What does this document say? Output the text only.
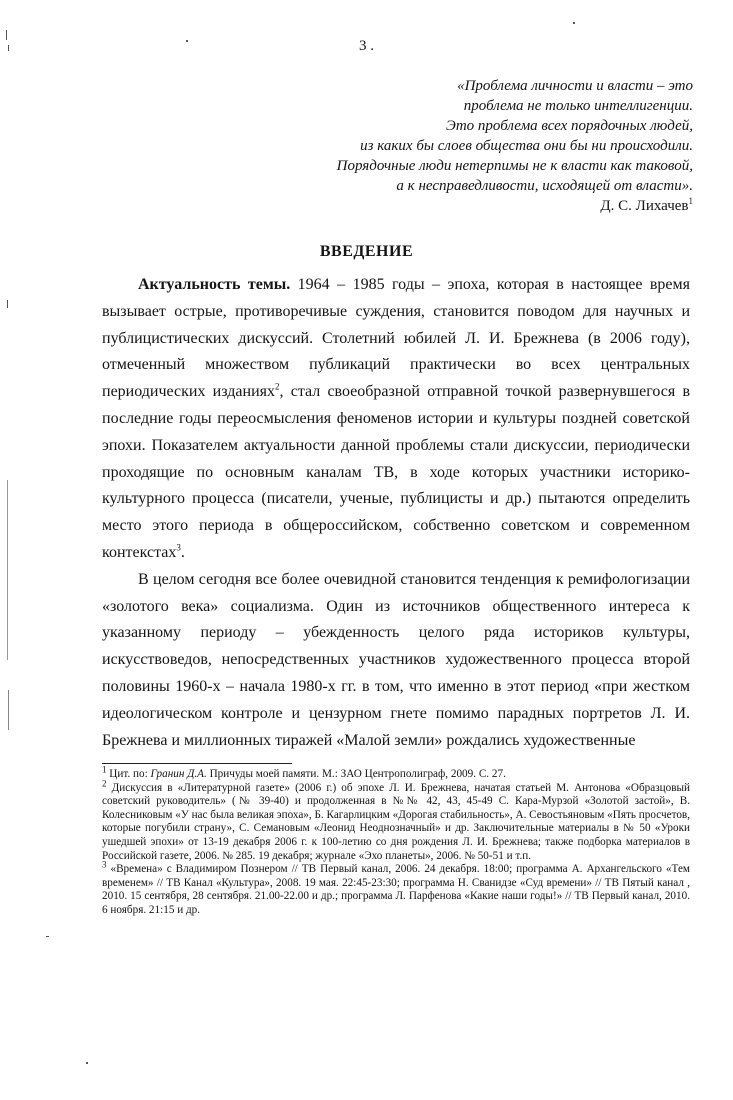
3 .
«Проблема личности и власти – это
проблема не только интеллигенции.
Это проблема всех порядочных людей,
из каких бы слоев общества они бы ни происходили.
Порядочные люди нетерпимы не к власти как таковой,
а к несправедливости, исходящей от власти».
Д. С. Лихачев$^1$
ВВЕДЕНИЕ

Актуальность темы. 1964 – 1985 годы – эпоха, которая в настоящее время вызывает острые, противоречивые суждения, становится поводом для научных и публицистических дискуссий. Столетний юбилей Л. И. Брежнева (в 2006 году), отмеченный множеством публикаций практически во всех центральных периодических изданиях$^2$, стал своеобразной отправной точкой развернувшегося в последние годы переосмысления феноменов истории и культуры поздней советской эпохи. Показателем актуальности данной проблемы стали дискуссии, периодически проходящие по основным каналам ТВ, в ходе которых участники историко-культурного процесса (писатели, ученые, публицисты и др.) пытаются определить место этого периода в общероссийском, собственно советском и современном контекстах$^3$.

В целом сегодня все более очевидной становится тенденция к ремифологизации «золотого века» социализма. Один из источников общественного интереса к указанному периоду – убежденность целого ряда историков культуры, искусствоведов, непосредственных участников художественного процесса второй половины 1960-х – начала 1980-х гг. в том, что именно в этот период «при жестком идеологическом контроле и цензурном гнете помимо парадных портретов Л. И. Брежнева и миллионных тиражей «Малой земли» рождались художественные

$^1$ Цит. по: Гранин Д.А. Причуды моей памяти. М.: ЗАО Центрополиграф, 2009. С. 27.

$^2$ Дискуссия в «Литературной газете» (2006 г.) об эпохе Л. И. Брежнева, начатая статьей М. Антонова «Образцовый советский руководитель» (№ 39-40) и продолженная в №№ 42, 43, 45-49 С. Кара-Мурзой «Золотой застой», В. Колесниковым «У нас была великая эпоха», Б. Кагарлицким «Дорогая стабильность», А. Севостьяновым «Пять просчетов, которые погубили страну», С. Семановым «Леонид Неоднозначный» и др. Заключительные материалы в № 50 «Уроки ушедшей эпохи» от 13-19 декабря 2006 г. к 100-летию со дня рождения Л. И. Брежнева; также подборка материалов в Российской газете, 2006. № 285. 19 декабря; журнале «Эхо планеты», 2006. № 50-51 и т.п.

$^3$ «Времена» с Владимиром Познером // ТВ Первый канал, 2006. 24 декабря. 18:00; программа А. Архангельского «Тем временем» // ТВ Канал «Культура», 2008. 19 мая. 22:45-23:30; программа Н. Сванидзе «Суд времени» // ТВ Пятый канал , 2010. 15 сентября, 28 сентября. 21.00-22.00 и др.; программа Л. Парфенова «Какие наши годы!» // ТВ Первый канал, 2010. 6 ноября. 21:15 и др.
